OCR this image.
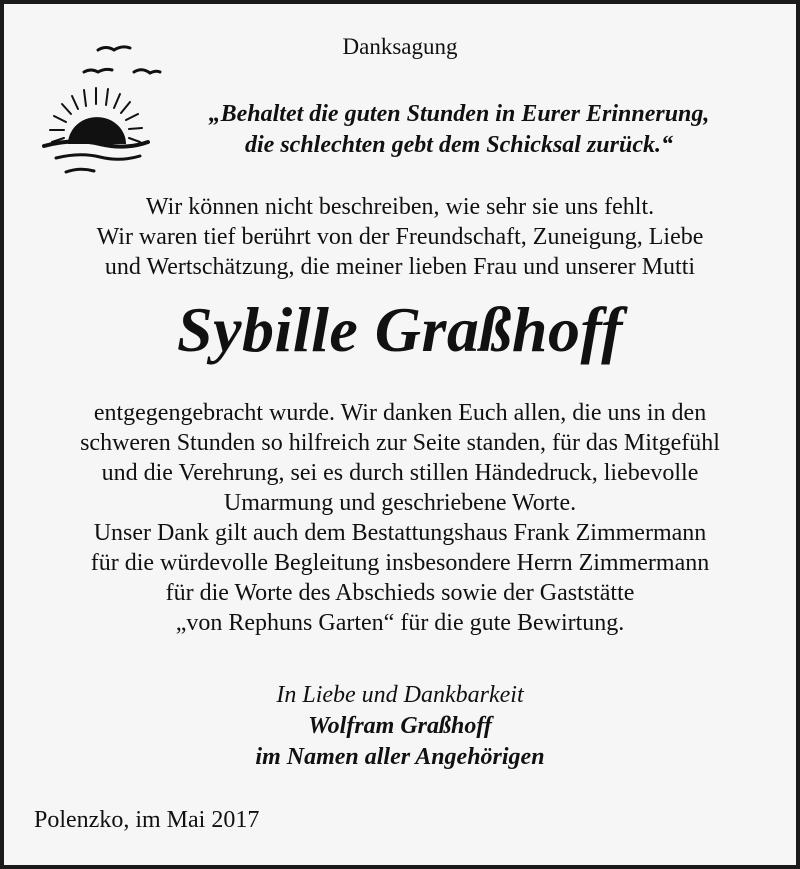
Danksagung
„Behaltet die guten Stunden in Eurer Erinnerung,
die schlechten gebt dem Schicksal zurück.“
Wir können nicht beschreiben, wie sehr sie uns fehlt.
Wir waren tief berührt von der Freundschaft, Zuneigung, Liebe
und Wertschätzung, die meiner lieben Frau und unserer Mutti
Sybille Graßhoff
entgegengebracht wurde. Wir danken Euch allen, die uns in den
schweren Stunden so hilfreich zur Seite standen, für das Mitgefühl
und die Verehrung, sei es durch stillen Händedruck, liebevolle
Umarmung und geschriebene Worte.
Unser Dank gilt auch dem Bestattungshaus Frank Zimmermann
für die würdevolle Begleitung insbesondere Herrn Zimmermann
für die Worte des Abschieds sowie der Gaststätte
„von Rephuns Garten“ für die gute Bewirtung.
In Liebe und Dankbarkeit
Wolfram Graßhoff
im Namen aller Angehörigen
Polenzko, im Mai 2017
